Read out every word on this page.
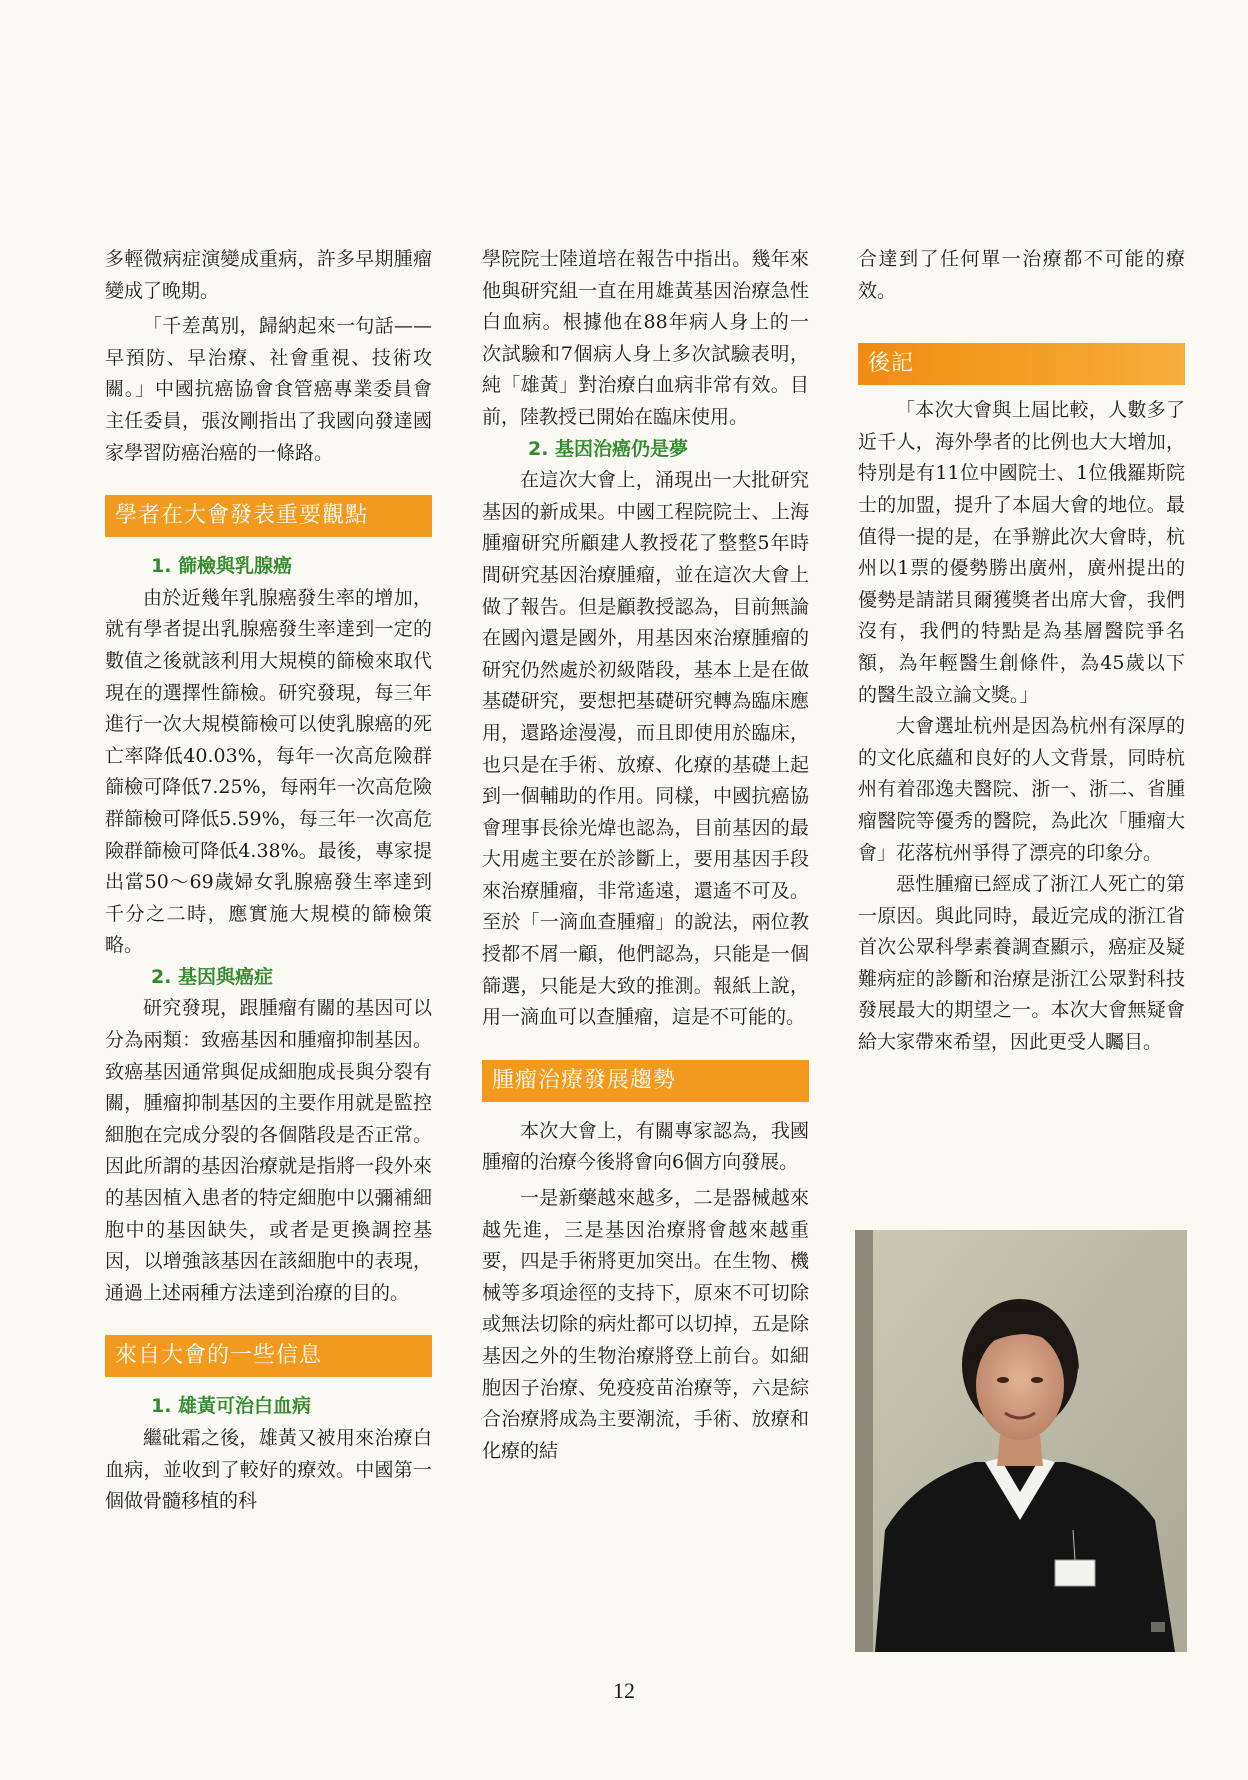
多輕微病症演變成重病，許多早期腫瘤變成了晚期。

「千差萬別，歸納起來一句話——早預防、早治療、社會重視、技術攻關。」中國抗癌協會食管癌專業委員會主任委員，張汝剛指出了我國向發達國家學習防癌治癌的一條路。

學者在大會發表重要觀點
1. 篩檢與乳腺癌

由於近幾年乳腺癌發生率的增加，就有學者提出乳腺癌發生率達到一定的數值之後就該利用大規模的篩檢來取代現在的選擇性篩檢。研究發現，每三年進行一次大規模篩檢可以使乳腺癌的死亡率降低40.03%，每年一次高危險群篩檢可降低7.25%，每兩年一次高危險群篩檢可降低5.59%，每三年一次高危險群篩檢可降低4.38%。最後，專家提出當50～69歲婦女乳腺癌發生率達到千分之二時，應實施大規模的篩檢策略。

2. 基因與癌症

研究發現，跟腫瘤有關的基因可以分為兩類：致癌基因和腫瘤抑制基因。致癌基因通常與促成細胞成長與分裂有關，腫瘤抑制基因的主要作用就是監控細胞在完成分裂的各個階段是否正常。因此所謂的基因治療就是指將一段外來的基因植入患者的特定細胞中以彌補細胞中的基因缺失，或者是更換調控基因，以增強該基因在該細胞中的表現，通過上述兩種方法達到治療的目的。

來自大會的一些信息
1. 雄黃可治白血病

繼砒霜之後，雄黃又被用來治療白血病，並收到了較好的療效。中國第一個做骨髓移植的科

學院院士陸道培在報告中指出。幾年來他與研究組一直在用雄黃基因治療急性白血病。根據他在88年病人身上的一次試驗和7個病人身上多次試驗表明，純「雄黃」對治療白血病非常有效。目前，陸教授已開始在臨床使用。

2. 基因治癌仍是夢

在這次大會上，涌現出一大批研究基因的新成果。中國工程院院士、上海腫瘤研究所顧建人教授花了整整5年時間研究基因治療腫瘤，並在這次大會上做了報告。但是顧教授認為，目前無論在國內還是國外，用基因來治療腫瘤的研究仍然處於初級階段，基本上是在做基礎研究，要想把基礎研究轉為臨床應用，還路途漫漫，而且即使用於臨床，也只是在手術、放療、化療的基礎上起到一個輔助的作用。同樣，中國抗癌協會理事長徐光煒也認為，目前基因的最大用處主要在於診斷上，要用基因手段來治療腫瘤，非常遙遠，還遙不可及。至於「一滴血查腫瘤」的說法，兩位教授都不屑一顧，他們認為，只能是一個篩選，只能是大致的推測。報紙上說，用一滴血可以查腫瘤，這是不可能的。

腫瘤治療發展趨勢

本次大會上，有關專家認為，我國腫瘤的治療今後將會向6個方向發展。

一是新藥越來越多，二是器械越來越先進，三是基因治療將會越來越重要，四是手術將更加突出。在生物、機械等多項途徑的支持下，原來不可切除或無法切除的病灶都可以切掉，五是除基因之外的生物治療將登上前台。如細胞因子治療、免疫疫苗治療等，六是綜合治療將成為主要潮流，手術、放療和化療的結

合達到了任何單一治療都不可能的療效。

後記

「本次大會與上屆比較，人數多了近千人，海外學者的比例也大大增加，特別是有11位中國院士、1位俄羅斯院士的加盟，提升了本屆大會的地位。最值得一提的是，在爭辦此次大會時，杭州以1票的優勢勝出廣州，廣州提出的優勢是請諾貝爾獲獎者出席大會，我們沒有，我們的特點是為基層醫院爭名額，為年輕醫生創條件，為45歲以下的醫生設立論文獎。」

大會選址杭州是因為杭州有深厚的的文化底蘊和良好的人文背景，同時杭州有着邵逸夫醫院、浙一、浙二、省腫瘤醫院等優秀的醫院，為此次「腫瘤大會」花落杭州爭得了漂亮的印象分。

惡性腫瘤已經成了浙江人死亡的第一原因。與此同時，最近完成的浙江省首次公眾科學素養調查顯示，癌症及疑難病症的診斷和治療是浙江公眾對科技發展最大的期望之一。本次大會無疑會給大家帶來希望，因此更受人矚目。

12
